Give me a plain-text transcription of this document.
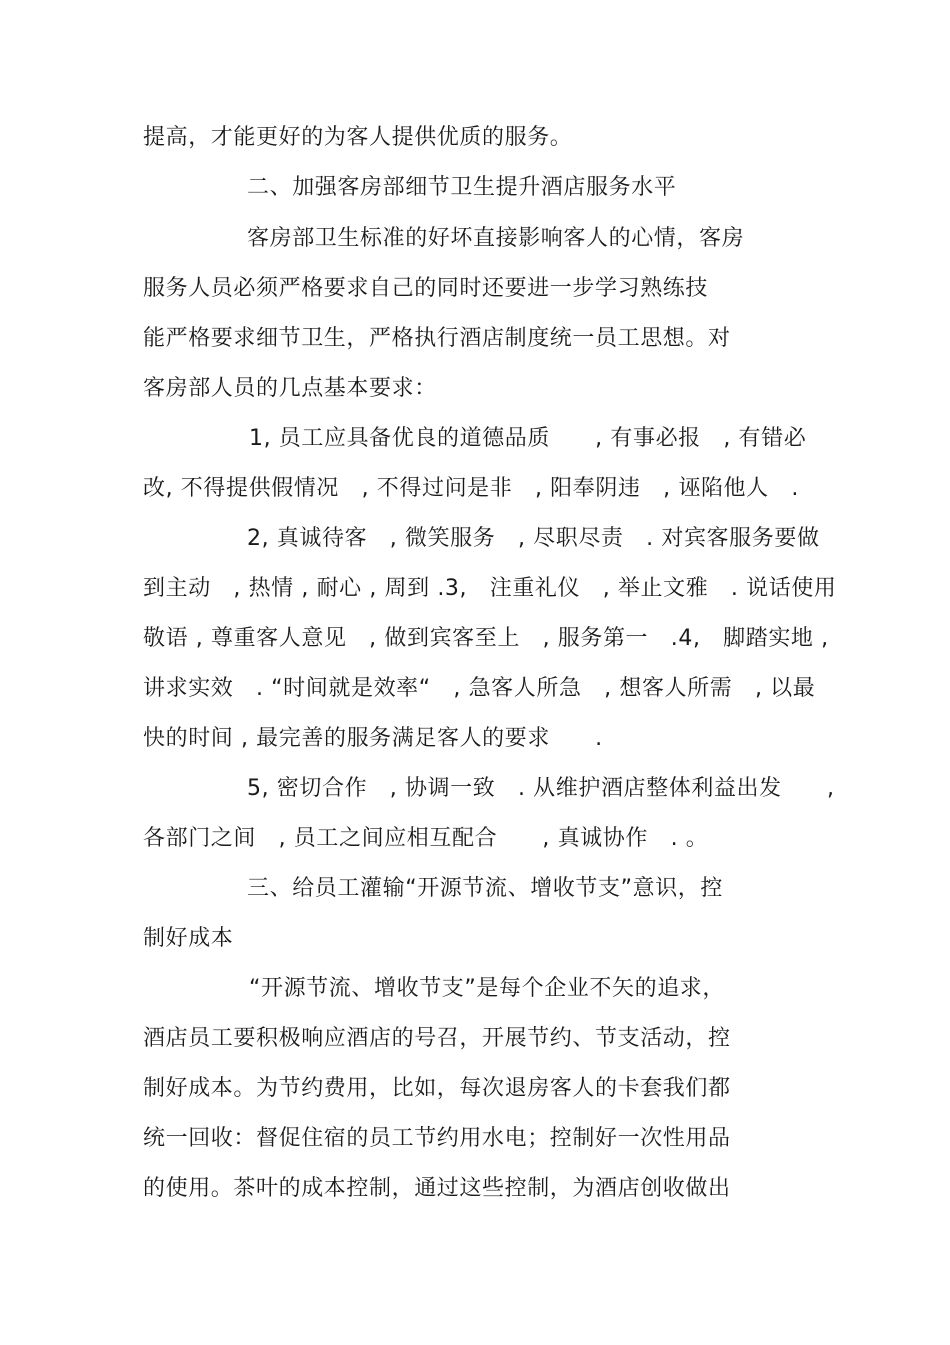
提高，才能更好的为客人提供优质的服务。
二、加强客房部细节卫生提升酒店服务水平
客房部卫生标准的好坏直接影响客人的心情，客房
服务人员必须严格要求自己的同时还要进一步学习熟练技
能严格要求细节卫生，严格执行酒店制度统一员工思想。对
客房部人员的几点基本要求：
1, 员工应具备优良的道德品质　　, 有事必报　, 有错必
改, 不得提供假情况　, 不得过问是非　, 阳奉阴违　, 诬陷他人　.
2, 真诚待客　, 微笑服务　, 尽职尽责　. 对宾客服务要做
到主动　, 热情 , 耐心 , 周到 .3,　注重礼仪　, 举止文雅　. 说话使用
敬语 , 尊重客人意见　, 做到宾客至上　, 服务第一　.4,　脚踏实地 ,
讲求实效　. “时间就是效率“　, 急客人所急　, 想客人所需　, 以最
快的时间 , 最完善的服务满足客人的要求　　.
5, 密切合作　, 协调一致　. 从维护酒店整体利益出发　　,
各部门之间　, 员工之间应相互配合　　, 真诚协作　. 。
三、给员工灌输“开源节流、增收节支”意识，控
制好成本
“开源节流、增收节支”是每个企业不矢的追求，
酒店员工要积极响应酒店的号召，开展节约、节支活动，控
制好成本。为节约费用，比如，每次退房客人的卡套我们都
统一回收：督促住宿的员工节约用水电；控制好一次性用品
的使用。茶叶的成本控制，通过这些控制，为酒店创收做出
